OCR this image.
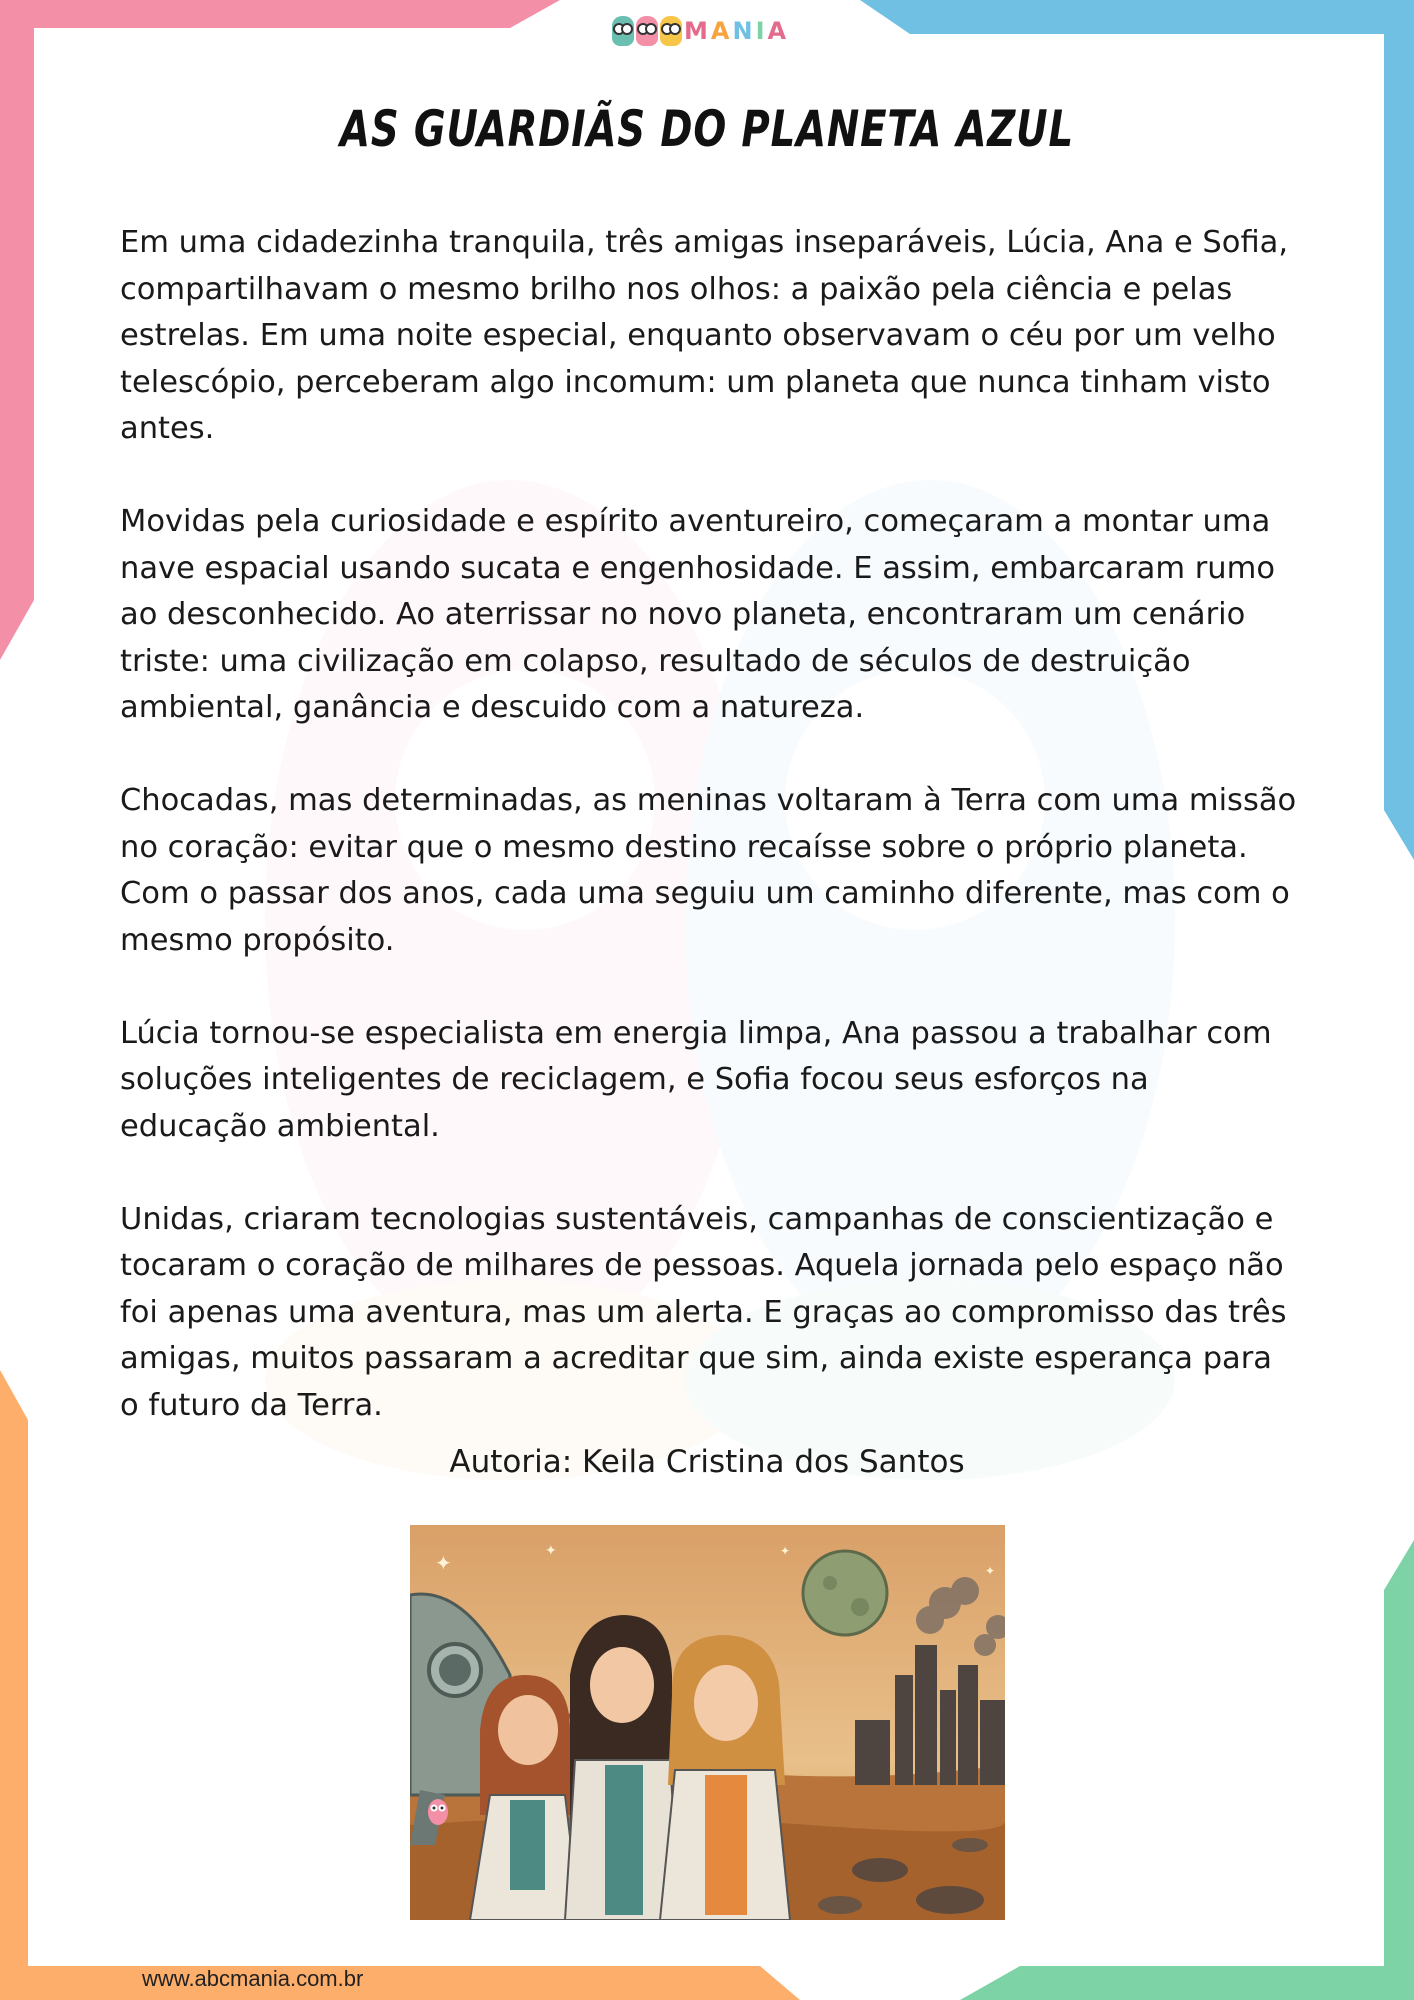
M A N I A
AS GUARDIÃS DO PLANETA AZUL

Em uma cidadezinha tranquila, três amigas inseparáveis, Lúcia, Ana e Sofia, compartilhavam o mesmo brilho nos olhos: a paixão pela ciência e pelas estrelas. Em uma noite especial, enquanto observavam o céu por um velho telescópio, perceberam algo incomum: um planeta que nunca tinham visto antes.

Movidas pela curiosidade e espírito aventureiro, começaram a montar uma nave espacial usando sucata e engenhosidade. E assim, embarcaram rumo ao desconhecido. Ao aterrissar no novo planeta, encontraram um cenário triste: uma civilização em colapso, resultado de séculos de destruição ambiental, ganância e descuido com a natureza.

Chocadas, mas determinadas, as meninas voltaram à Terra com uma missão no coração: evitar que o mesmo destino recaísse sobre o próprio planeta. Com o passar dos anos, cada uma seguiu um caminho diferente, mas com o mesmo propósito.

Lúcia tornou-se especialista em energia limpa, Ana passou a trabalhar com soluções inteligentes de reciclagem, e Sofia focou seus esforços na educação ambiental.

Unidas, criaram tecnologias sustentáveis, campanhas de conscientização e tocaram o coração de milhares de pessoas. Aquela jornada pelo espaço não foi apenas uma aventura, mas um alerta. E graças ao compromisso das três amigas, muitos passaram a acreditar que sim, ainda existe esperança para o futuro da Terra.

Autoria: Keila Cristina dos Santos
✦	✦	✦
✦
www.abcmania.com.br
